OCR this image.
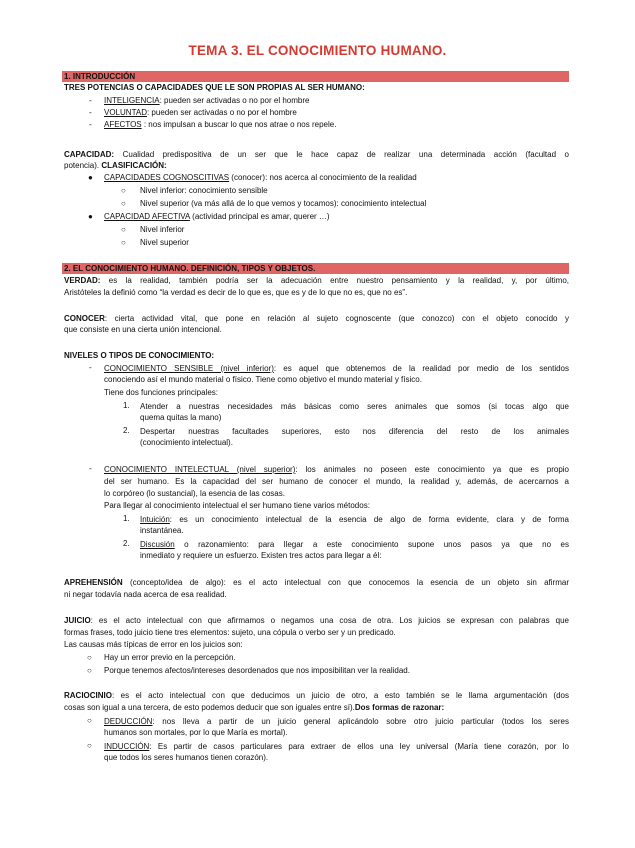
TEMA 3. EL CONOCIMIENTO HUMANO.
1. INTRODUCCIÓN
TRES POTENCIAS O CAPACIDADES QUE LE SON PROPIAS AL SER HUMANO:
- INTELIGENCIA: pueden ser activadas o no por el hombre
- VOLUNTAD: pueden ser activadas o no por el hombre
- AFECTOS : nos impulsan a buscar lo que nos atrae o nos repele.
CAPACIDAD: Cualidad predispositiva de un ser que le hace capaz de realizar una determinada acción (facultad o
potencia). CLASIFICACIÓN:
● CAPACIDADES COGNOSCITIVAS (conocer): nos acerca al conocimiento de la realidad
○ Nivel inferior: conocimiento sensible
○ Nivel superior (va más allá de lo que vemos y tocamos): conocimiento intelectual
● CAPACIDAD AFECTIVA (actividad principal es amar, querer …)
○ Nivel inferior
○ Nivel superior
2. EL CONOCIMIENTO HUMANO. DEFINICIÓN, TIPOS Y OBJETOS.
VERDAD: es la realidad, también podría ser la adecuación entre nuestro pensamiento y la realidad, y, por último,
Aristóteles la definió como “la verdad es decir de lo que es, que es y de lo que no es, que no es”.
CONOCER: cierta actividad vital, que pone en relación al sujeto cognoscente (que conozco) con el objeto conocido y
que consiste en una cierta unión intencional.
NIVELES O TIPOS DE CONOCIMIENTO:
- CONOCIMIENTO SENSIBLE (nivel inferior): es aquel que obtenemos de la realidad por medio de los sentidos
conociendo así el mundo material o físico. Tiene como objetivo el mundo material y físico.
Tiene dos funciones principales:
1. Atender a nuestras necesidades más básicas como seres animales que somos (si tocas algo que
quema quitas la mano)
2. Despertar nuestras facultades superiores, esto nos diferencia del resto de los animales
(conocimiento intelectual).
- CONOCIMIENTO INTELECTUAL (nivel superior): los animales no poseen este conocimiento ya que es propio
del ser humano. Es la capacidad del ser humano de conocer el mundo, la realidad y, además, de acercarnos a
lo corpóreo (lo sustancial), la esencia de las cosas.
Para llegar al conocimiento intelectual el ser humano tiene varios métodos:
1. Intuición: es un conocimiento intelectual de la esencia de algo de forma evidente, clara y de forma
instantánea.
2. Discusión o razonamiento: para llegar a este conocimiento supone unos pasos ya que no es
inmediato y requiere un esfuerzo. Existen tres actos para llegar a él:
APREHENSIÓN (concepto/idea de algo): es el acto intelectual con que conocemos la esencia de un objeto sin afirmar
ni negar todavía nada acerca de esa realidad.
JUICIO: es el acto intelectual con que afirmamos o negamos una cosa de otra. Los juicios se expresan con palabras que
formas frases, todo juicio tiene tres elementos: sujeto, una cópula o verbo ser y un predicado.
Las causas más típicas de error en los juicios son:
○ Hay un error previo en la percepción.
○ Porque tenemos afectos/intereses desordenados que nos imposibilitan ver la realidad.
RACIOCINIO: es el acto intelectual con que deducimos un juicio de otro, a esto también se le llama argumentación (dos
cosas son igual a una tercera, de esto podemos deducir que son iguales entre sí).Dos formas de razonar:
○ DEDUCCIÓN: nos lleva a partir de un juicio general aplicándolo sobre otro juicio particular (todos los seres
humanos son mortales, por lo que María es mortal).
○ INDUCCIÓN: Es partir de casos particulares para extraer de ellos una ley universal (María tiene corazón, por lo
que todos los seres humanos tienen corazón).
